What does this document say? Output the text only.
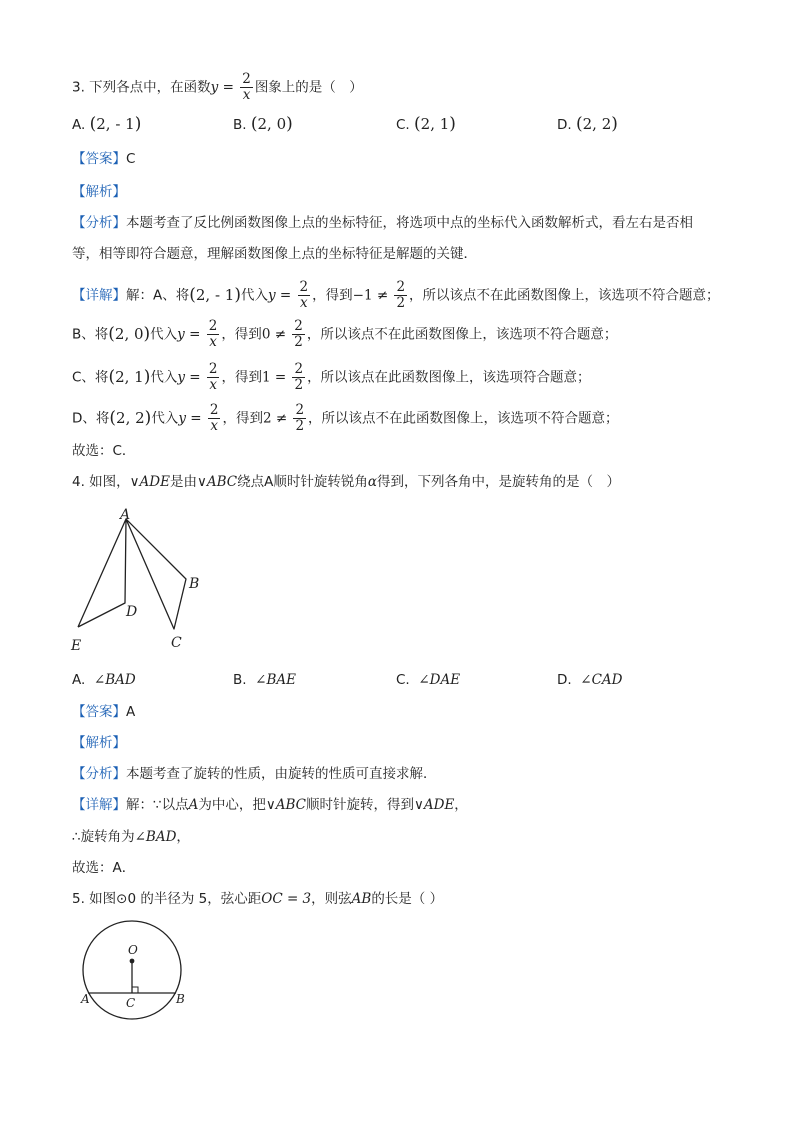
3. 下列各点中，在函数$y = \frac{2}{x}$ 图象上的是（　）
A. (2, - 1)	B. (2, 0)	C. (2, 1)	D. (2, 2)
【答案】C
【解析】
【分析】本题考查了反比例函数图像上点的坐标特征，将选项中点的坐标代入函数解析式，看左右是否相
等，相等即符合题意，理解函数图像上点的坐标特征是解题的关键．
【详解】解：A、将(2, - 1)代入$y = \frac{2}{x}$ ，得到$-1 \ne \frac{2}{2}$ ，所以该点不在此函数图像上，该选项不符合题意；
B、将(2, 0)代入$y = \frac{2}{x}$ ，得到$0 \ne \frac{2}{2}$ ，所以该点不在此函数图像上，该选项不符合题意；
C、将(2, 1)代入$y = \frac{2}{x}$ ，得到$1 = \frac{2}{2}$ ，所以该点在此函数图像上，该选项符合题意；
D、将(2, 2)代入$y = \frac{2}{x}$ ，得到$2 \ne \frac{2}{2}$ ，所以该点不在此函数图像上，该选项不符合题意；
故选：C．
4. 如图，∨ADE是由∨ABC绕点A顺时针旋转锐角α得到，下列各角中，是旋转角的是（　）
A
B
C
D
E
A. ∠BAD	B. ∠BAE	C. ∠DAE	D. ∠CAD
【答案】A
【解析】
【分析】本题考查了旋转的性质，由旋转的性质可直接求解．
【详解】解：∵以点A为中心，把∨ABC顺时针旋转，得到∨ADE，
∴旋转角为∠BAD，
故选：A．
5. 如图⊙0 的半径为 5，弦心距OC = 3，则弦AB的长是（ ）
O
A	B
C
